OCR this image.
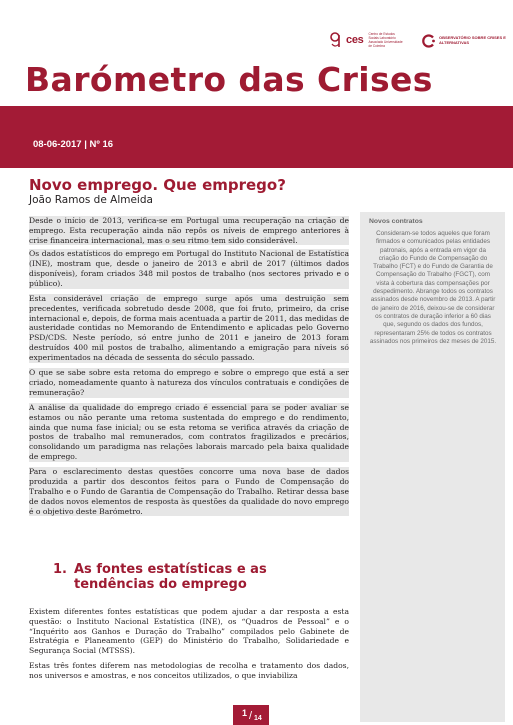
ces Centro de Estudos Sociais Laboratório Associado Universidade de Coimbra
OBSERVATÓRIO SOBRE CRISES E ALTERNATIVAS
Barómetro das Crises
08-06-2017 | Nº 16
Novo emprego. Que emprego?
João Ramos de Almeida

Desde o início de 2013, verifica-se em Portugal uma recuperação na criação de emprego. Esta recuperação ainda não repôs os níveis de emprego anteriores à crise financeira internacional, mas o seu ritmo tem sido considerável.

Os dados estatísticos do emprego em Portugal do Instituto Nacional de Estatística (INE), mostram que, desde o janeiro de 2013 e abril de 2017 (últimos dados disponíveis), foram criados 348 mil postos de trabalho (nos sectores privado e o público).

Esta considerável criação de emprego surge após uma destruição sem precedentes, verificada sobretudo desde 2008, que foi fruto, primeiro, da crise internacional e, depois, de forma mais acentuada a partir de 2011, das medidas de austeridade contidas no Memorando de Entendimento e aplicadas pelo Governo PSD/CDS. Neste período, só entre junho de 2011 e janeiro de 2013 foram destruídos 400 mil postos de trabalho, alimentando a emigração para níveis só experimentados na década de sessenta do século passado.

O que se sabe sobre esta retoma do emprego e sobre o emprego que está a ser criado, nomeadamente quanto à natureza dos vínculos contratuais e condições de remuneração?

A análise da qualidade do emprego criado é essencial para se poder avaliar se estamos ou não perante uma retoma sustentada do emprego e do rendimento, ainda que numa fase inicial; ou se esta retoma se verifica através da criação de postos de trabalho mal remunerados, com contratos fragilizados e precários, consolidando um paradigma nas relações laborais marcado pela baixa qualidade de emprego.

Para o esclarecimento destas questões concorre uma nova base de dados produzida a partir dos descontos feitos para o Fundo de Compensação do Trabalho e o Fundo de Garantia de Compensação do Trabalho. Retirar dessa base de dados novos elementos de resposta às questões da qualidade do novo emprego é o objetivo deste Barómetro.

1. As fontes estatísticas e as tendências do emprego

Existem diferentes fontes estatísticas que podem ajudar a dar resposta a esta questão: o Instituto Nacional Estatística (INE), os “Quadros de Pessoal” e o “Inquérito aos Ganhos e Duração do Trabalho” compilados pelo Gabinete de Estratégia e Planeamento (GEP) do Ministério do Trabalho, Solidariedade e Segurança Social (MTSSS).

Estas três fontes diferem nas metodologias de recolha e tratamento dos dados, nos universos e amostras, e nos conceitos utilizados, o que inviabiliza

Novos contratos
Consideram-se todos aqueles que foram firmados e comunicados pelas entidades patronais, após a entrada em vigor da criação do Fundo de Compensação do Trabalho (FCT) e do Fundo de Garantia de Compensação do Trabalho (FGCT), com vista à cobertura das compensações por despedimento. Abrange todos os contratos assinados desde novembro de 2013. A partir de janeiro de 2016, deixou-se de considerar os contratos de duração inferior a 60 dias que, segundo os dados dos fundos, representaram 25% de todos os contratos assinados nos primeiros dez meses de 2015.
1 / 14
